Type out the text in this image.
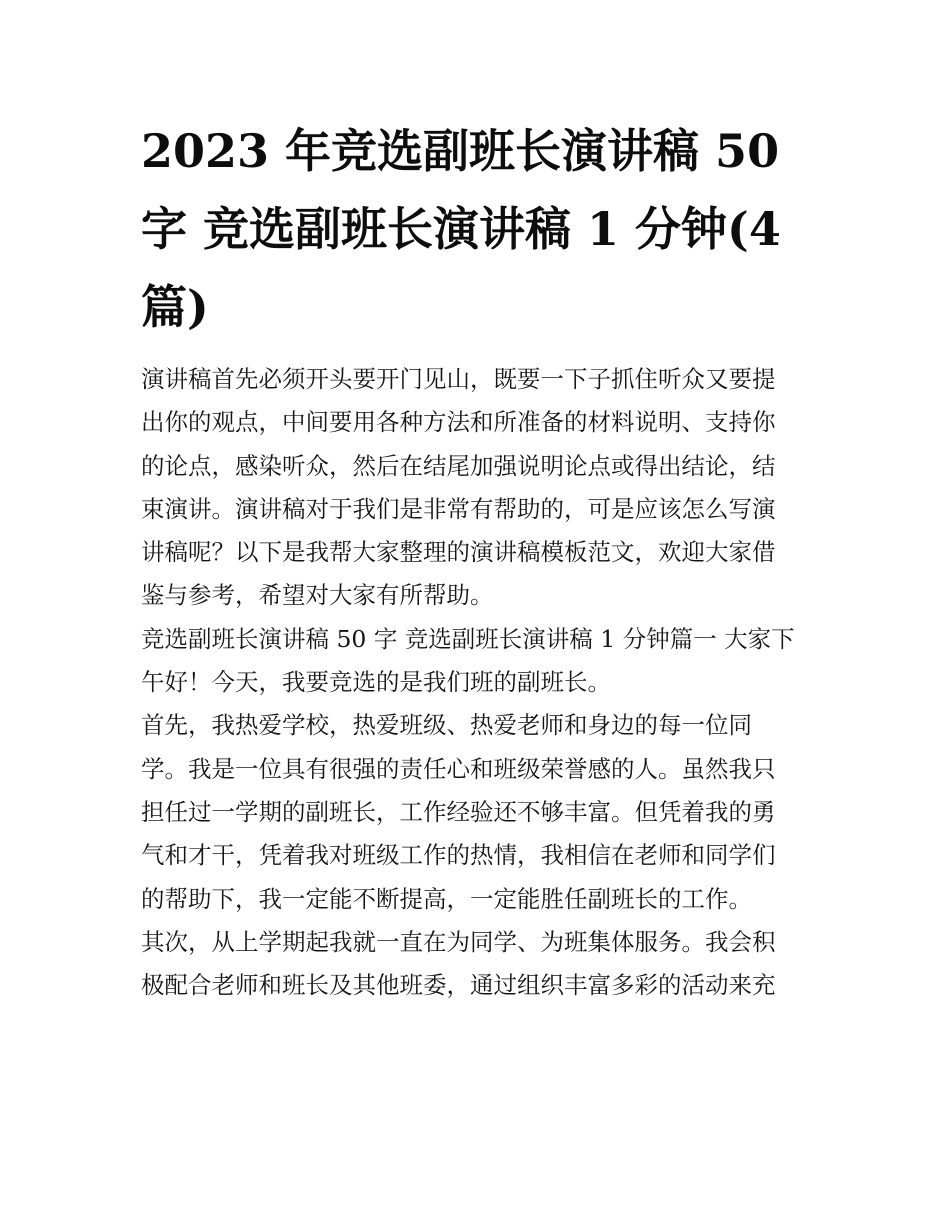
2023 年竞选副班长演讲稿 50
字 竞选副班长演讲稿 1 分钟(4
篇)

演讲稿首先必须开头要开门见山，既要一下子抓住听众又要提
出你的观点，中间要用各种方法和所准备的材料说明、支持你
的论点，感染听众，然后在结尾加强说明论点或得出结论，结
束演讲。演讲稿对于我们是非常有帮助的，可是应该怎么写演
讲稿呢？以下是我帮大家整理的演讲稿模板范文，欢迎大家借
鉴与参考，希望对大家有所帮助。

竞选副班长演讲稿 50 字 竞选副班长演讲稿 1 分钟篇一 大家下
午好！今天，我要竞选的是我们班的副班长。

首先，我热爱学校，热爱班级、热爱老师和身边的每一位同
学。我是一位具有很强的责任心和班级荣誉感的人。虽然我只
担任过一学期的副班长，工作经验还不够丰富。但凭着我的勇
气和才干，凭着我对班级工作的热情，我相信在老师和同学们
的帮助下，我一定能不断提高，一定能胜任副班长的工作。

其次，从上学期起我就一直在为同学、为班集体服务。我会积
极配合老师和班长及其他班委，通过组织丰富多彩的活动来充
